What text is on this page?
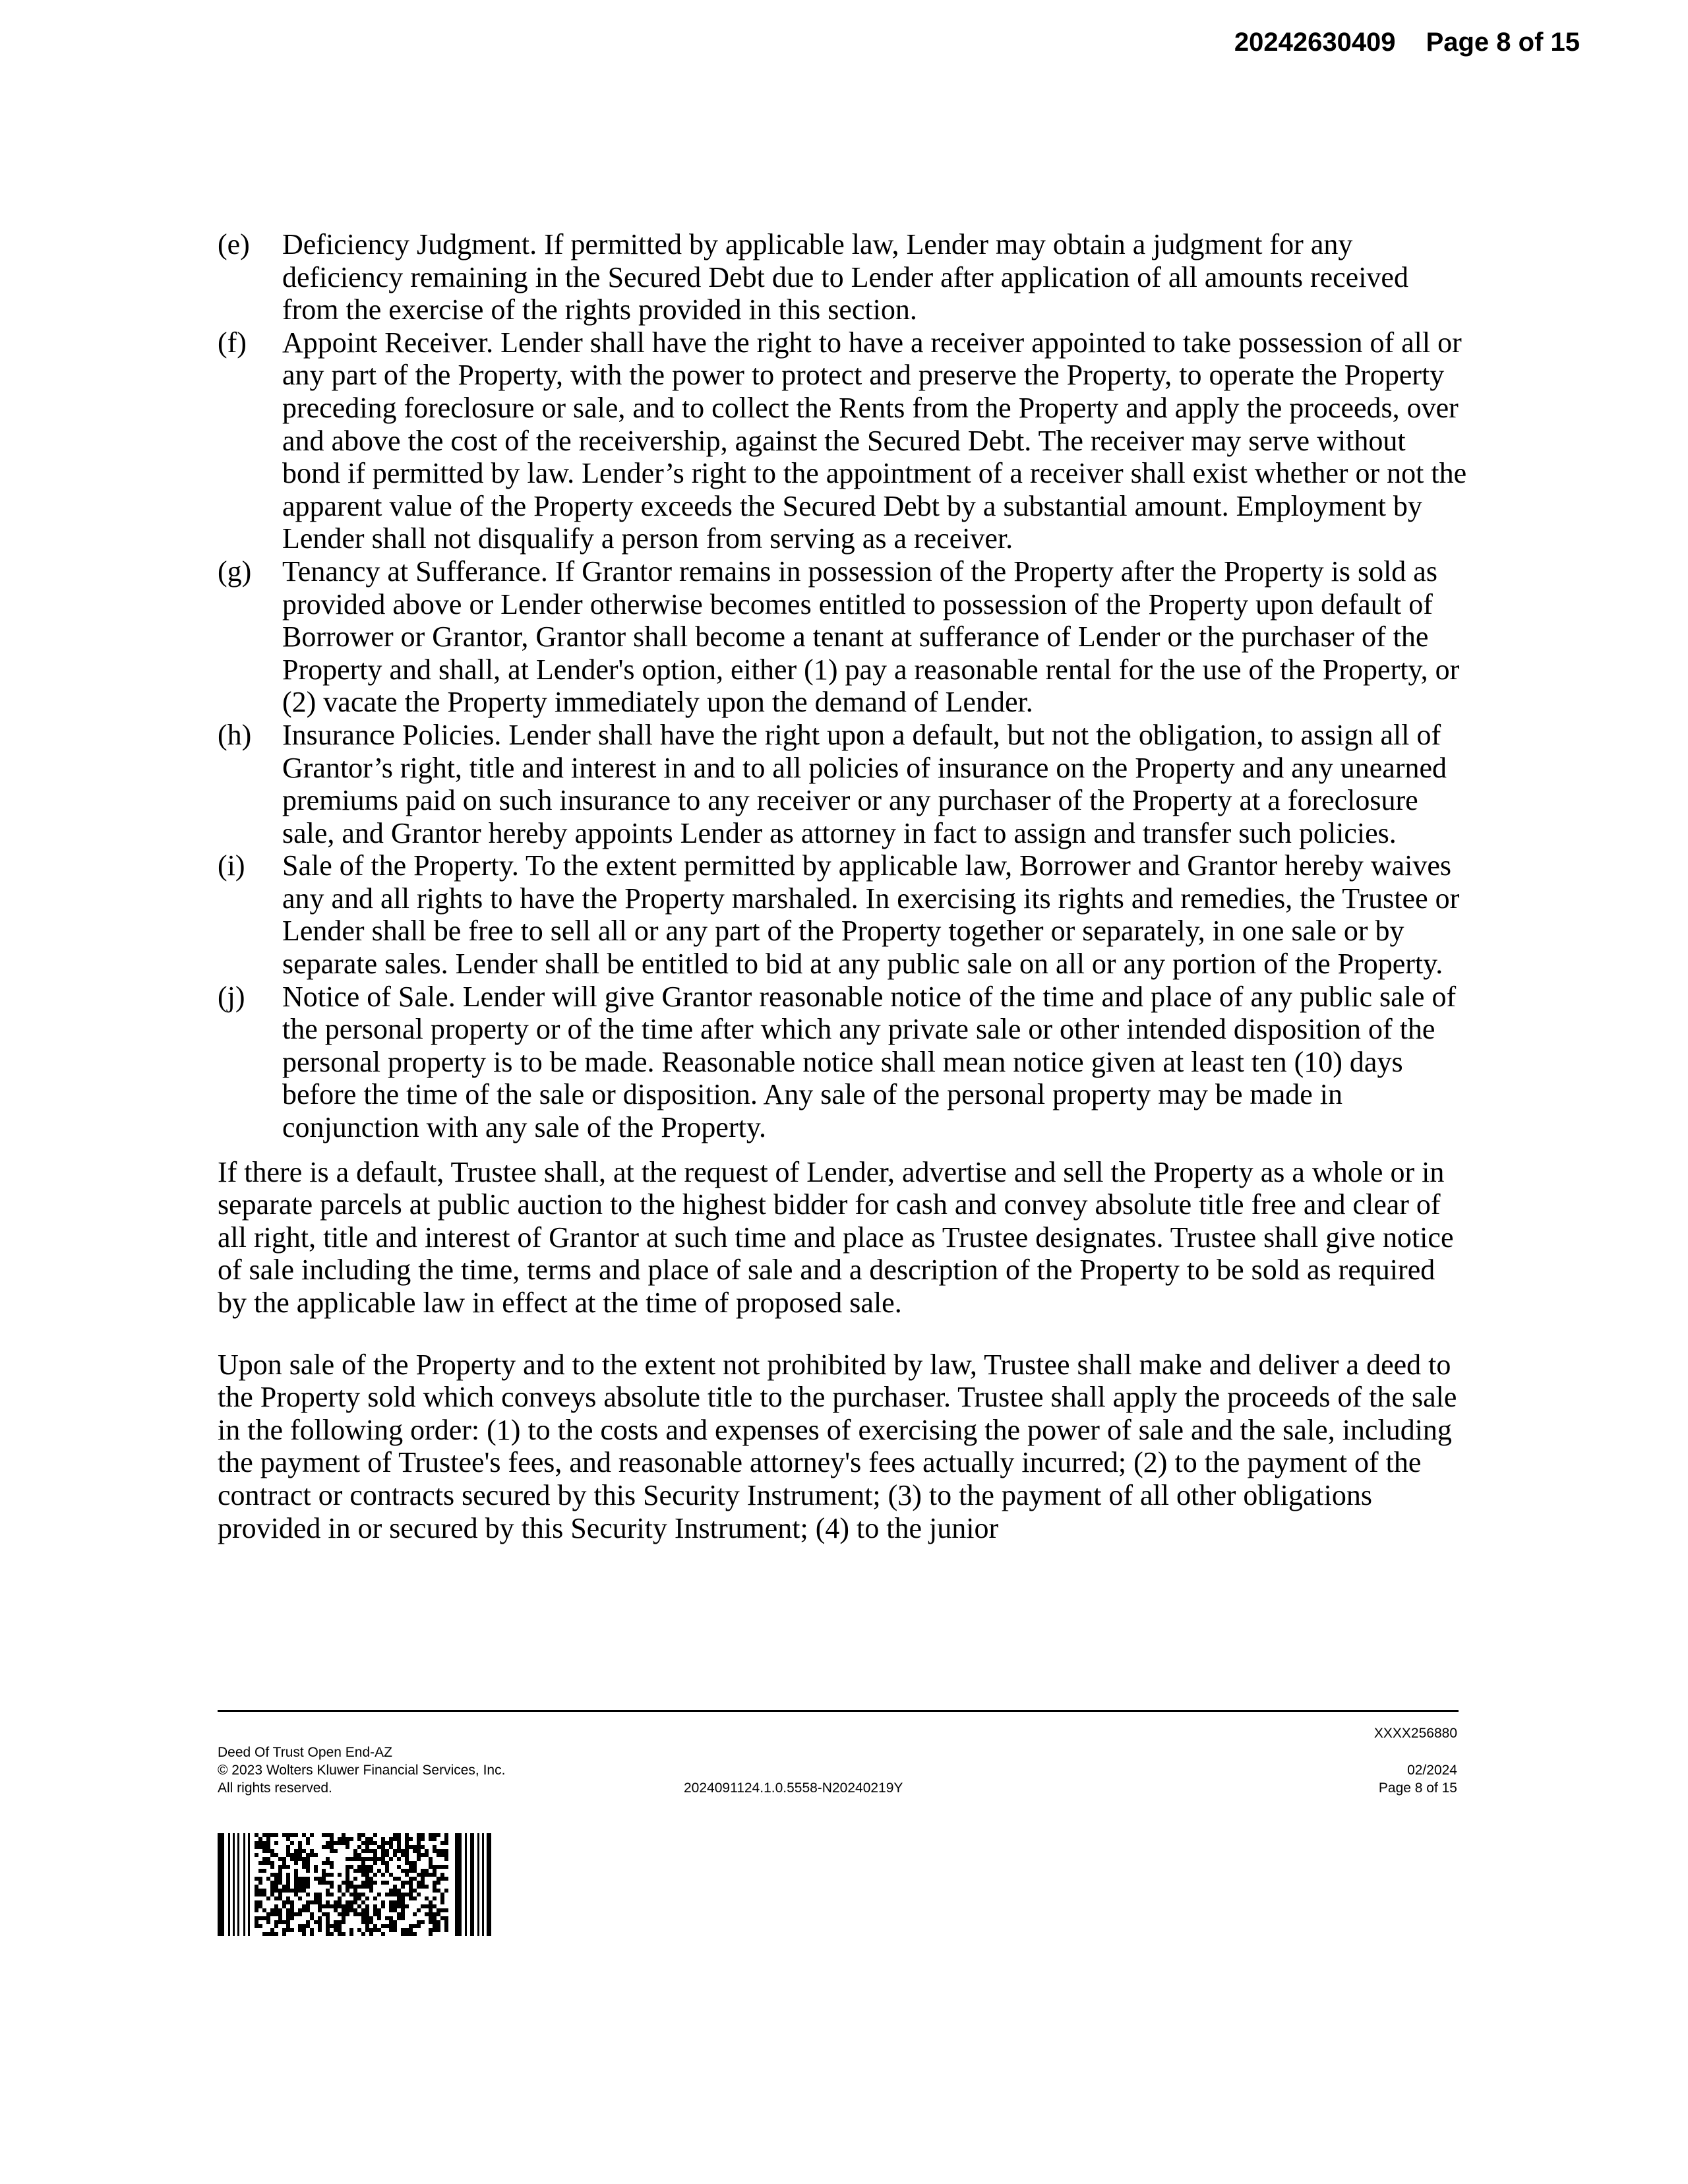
20242630409 Page 8 of 15
(e)	Deficiency Judgment. If permitted by applicable law, Lender may obtain a judgment for any deficiency remaining in the Secured Debt due to Lender after application of all amounts received from the exercise of the rights provided in this section.
(f)	Appoint Receiver. Lender shall have the right to have a receiver appointed to take possession of all or any part of the Property, with the power to protect and preserve the Property, to operate the Property preceding foreclosure or sale, and to collect the Rents from the Property and apply the proceeds, over and above the cost of the receivership, against the Secured Debt. The receiver may serve without bond if permitted by law. Lender’s right to the appointment of a receiver shall exist whether or not the apparent value of the Property exceeds the Secured Debt by a substantial amount. Employment by Lender shall not disqualify a person from serving as a receiver.
(g)	Tenancy at Sufferance. If Grantor remains in possession of the Property after the Property is sold as provided above or Lender otherwise becomes entitled to possession of the Property upon default of Borrower or Grantor, Grantor shall become a tenant at sufferance of Lender or the purchaser of the Property and shall, at Lender's option, either (1) pay a reasonable rental for the use of the Property, or (2) vacate the Property immediately upon the demand of Lender.
(h)	Insurance Policies. Lender shall have the right upon a default, but not the obligation, to assign all of Grantor’s right, title and interest in and to all policies of insurance on the Property and any unearned premiums paid on such insurance to any receiver or any purchaser of the Property at a foreclosure sale, and Grantor hereby appoints Lender as attorney in fact to assign and transfer such policies.
(i)	Sale of the Property. To the extent permitted by applicable law, Borrower and Grantor hereby waives any and all rights to have the Property marshaled. In exercising its rights and remedies, the Trustee or Lender shall be free to sell all or any part of the Property together or separately, in one sale or by separate sales. Lender shall be entitled to bid at any public sale on all or any portion of the Property.
(j)	Notice of Sale. Lender will give Grantor reasonable notice of the time and place of any public sale of the personal property or of the time after which any private sale or other intended disposition of the personal property is to be made. Reasonable notice shall mean notice given at least ten (10) days before the time of the sale or disposition. Any sale of the personal property may be made in conjunction with any sale of the Property.

If there is a default, Trustee shall, at the request of Lender, advertise and sell the Property as a whole or in separate parcels at public auction to the highest bidder for cash and convey absolute title free and clear of all right, title and interest of Grantor at such time and place as Trustee designates. Trustee shall give notice of sale including the time, terms and place of sale and a description of the Property to be sold as required by the applicable law in effect at the time of proposed sale.

Upon sale of the Property and to the extent not prohibited by law, Trustee shall make and deliver a deed to the Property sold which conveys absolute title to the purchaser. Trustee shall apply the proceeds of the sale in the following order: (1) to the costs and expenses of exercising the power of sale and the sale, including the payment of Trustee's fees, and reasonable attorney's fees actually incurred; (2) to the payment of the contract or contracts secured by this Security Instrument; (3) to the payment of all other obligations provided in or secured by this Security Instrument; (4) to the junior

XXXX256880
Deed Of Trust Open End-AZ
© 2023 Wolters Kluwer Financial Services, Inc.
All rights reserved.	2024091124.1.0.5558-N20240219Y
02/2024
Page 8 of 15
